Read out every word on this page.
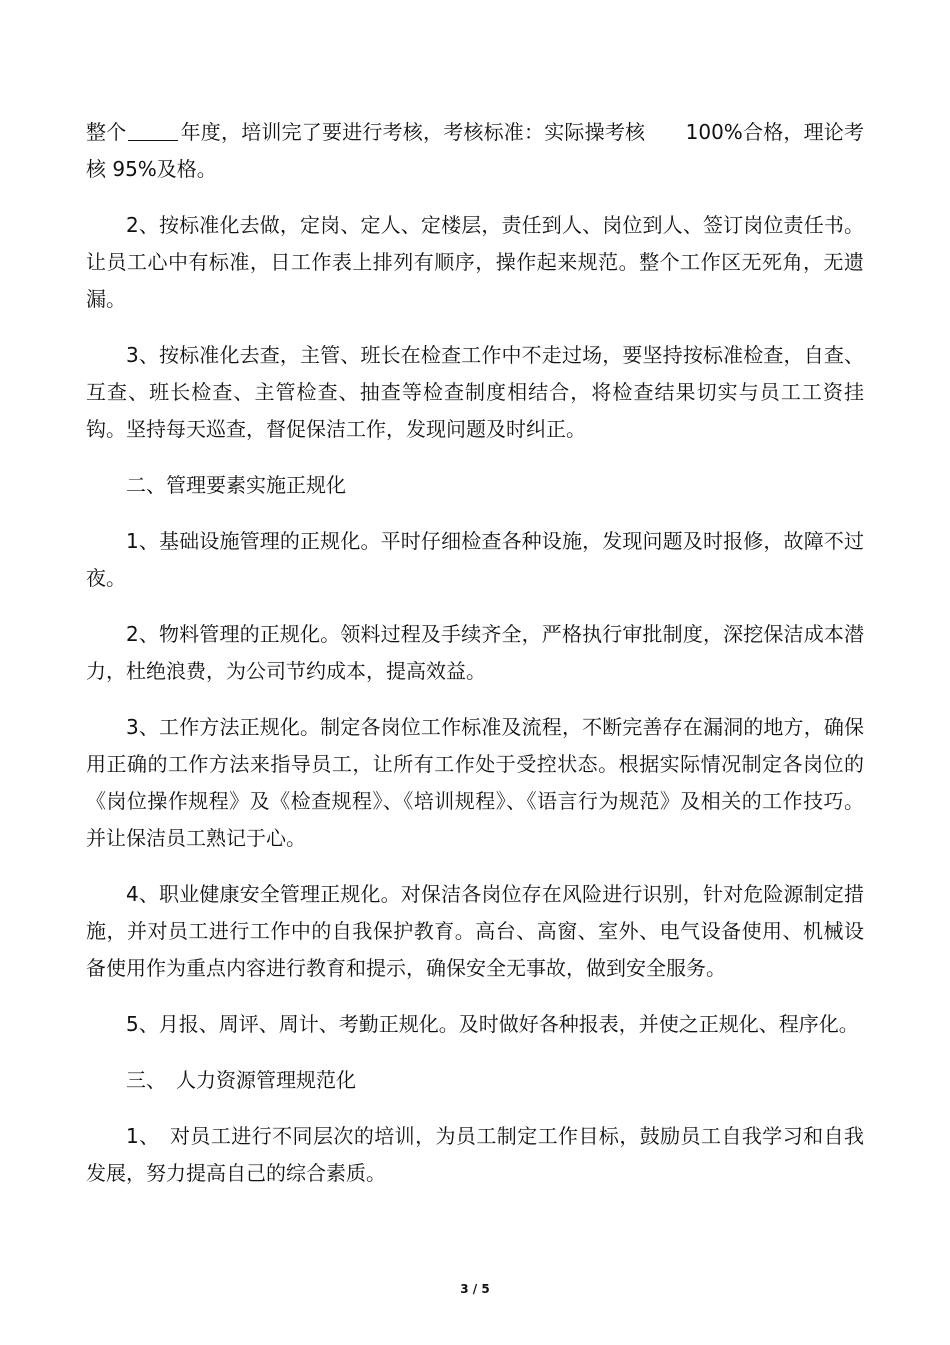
整个	年度，培训完了要进行考核，考核标准：实际操考核　　100%合格，理论考核 95%及格。

2、按标准化去做，定岗、定人、定楼层，责任到人、岗位到人、签订岗位责任书。让员工心中有标准，日工作表上排列有顺序，操作起来规范。整个工作区无死角，无遗漏。

3、按标准化去查，主管、班长在检查工作中不走过场，要坚持按标准检查，自查、互查、班长检查、主管检查、抽查等检查制度相结合，将检查结果切实与员工工资挂钩。坚持每天巡查，督促保洁工作，发现问题及时纠正。

二、管理要素实施正规化

1、基础设施管理的正规化。平时仔细检查各种设施，发现问题及时报修，故障不过夜。

2、物料管理的正规化。领料过程及手续齐全，严格执行审批制度，深挖保洁成本潜力，杜绝浪费，为公司节约成本，提高效益。

3、工作方法正规化。制定各岗位工作标准及流程，不断完善存在漏洞的地方，确保用正确的工作方法来指导员工，让所有工作处于受控状态。根据实际情况制定各岗位的《岗位操作规程》及《检查规程》、《培训规程》、《语言行为规范》及相关的工作技巧。并让保洁员工熟记于心。

4、职业健康安全管理正规化。对保洁各岗位存在风险进行识别，针对危险源制定措施，并对员工进行工作中的自我保护教育。高台、高窗、室外、电气设备使用、机械设备使用作为重点内容进行教育和提示，确保安全无事故，做到安全服务。

5、月报、周评、周计、考勤正规化。及时做好各种报表，并使之正规化、程序化。

三、　人力资源管理规范化

1、　对员工进行不同层次的培训，为员工制定工作目标，鼓励员工自我学习和自我发展，努力提高自己的综合素质。

3 / 5
